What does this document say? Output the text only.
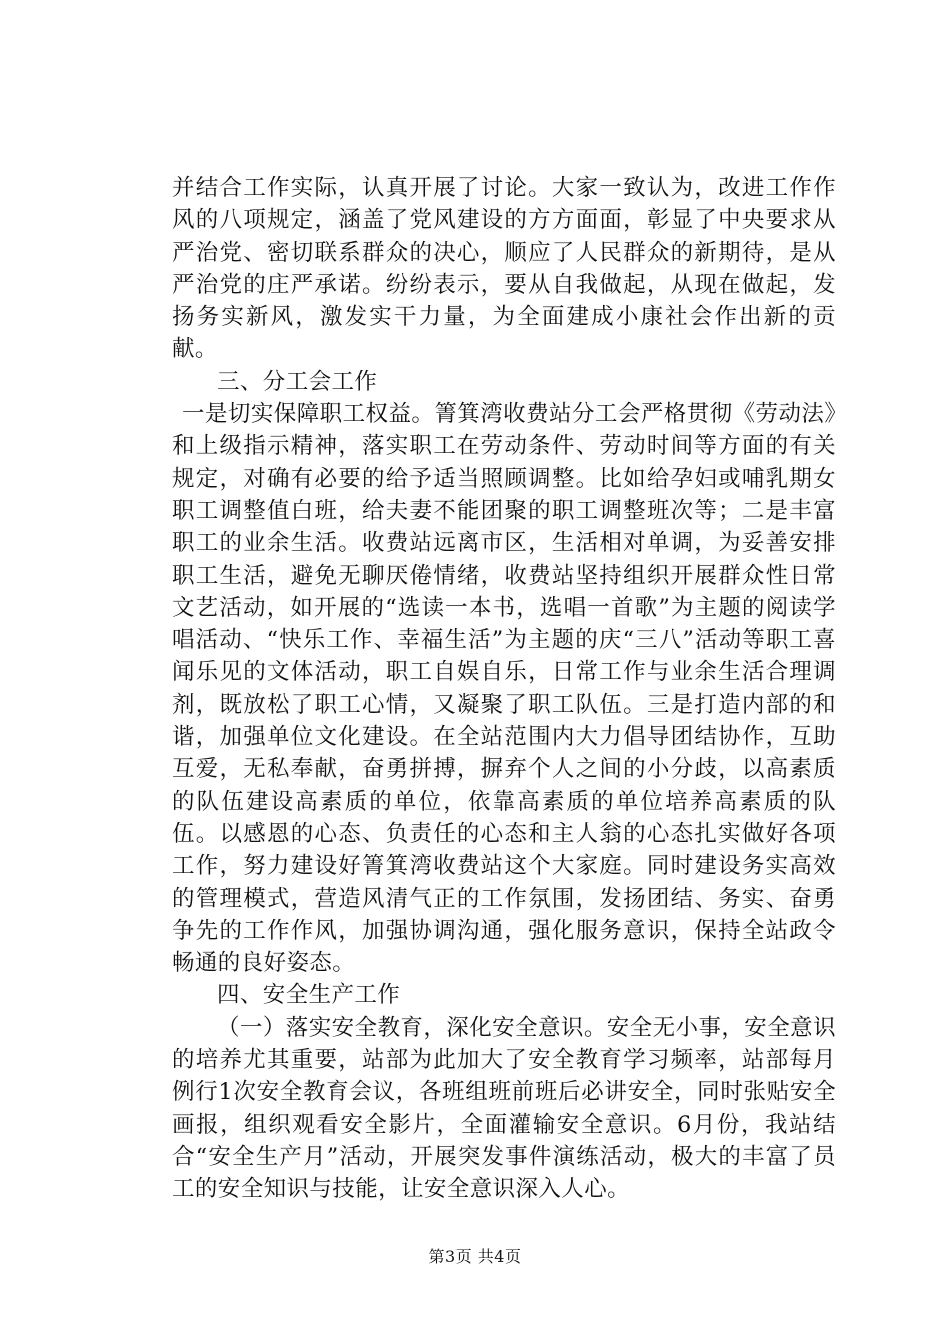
并结合工作实际，认真开展了讨论。大家一致认为，改进工作作风的八项规定，涵盖了党风建设的方方面面，彰显了中央要求从严治党、密切联系群众的决心，顺应了人民群众的新期待，是从严治党的庄严承诺。纷纷表示，要从自我做起，从现在做起，发扬务实新风，激发实干力量，为全面建成小康社会作出新的贡献。

三、分工会工作

一是切实保障职工权益。箐箕湾收费站分工会严格贯彻《劳动法》和上级指示精神，落实职工在劳动条件、劳动时间等方面的有关规定，对确有必要的给予适当照顾调整。比如给孕妇或哺乳期女职工调整值白班，给夫妻不能团聚的职工调整班次等；二是丰富职工的业余生活。收费站远离市区，生活相对单调，为妥善安排职工生活，避免无聊厌倦情绪，收费站坚持组织开展群众性日常文艺活动，如开展的“选读一本书，选唱一首歌”为主题的阅读学唱活动、“快乐工作、幸福生活”为主题的庆“三八”活动等职工喜闻乐见的文体活动，职工自娱自乐，日常工作与业余生活合理调剂，既放松了职工心情，又凝聚了职工队伍。三是打造内部的和谐，加强单位文化建设。在全站范围内大力倡导团结协作，互助互爱，无私奉献，奋勇拼搏，摒弃个人之间的小分歧，以高素质的队伍建设高素质的单位，依靠高素质的单位培养高素质的队伍。以感恩的心态、负责任的心态和主人翁的心态扎实做好各项工作，努力建设好箐箕湾收费站这个大家庭。同时建设务实高效的管理模式，营造风清气正的工作氛围，发扬团结、务实、奋勇争先的工作作风，加强协调沟通，强化服务意识，保持全站政令畅通的良好姿态。

四、安全生产工作

（一）落实安全教育，深化安全意识。安全无小事，安全意识的培养尤其重要，站部为此加大了安全教育学习频率，站部每月例行1次安全教育会议，各班组班前班后必讲安全，同时张贴安全画报，组织观看安全影片，全面灌输安全意识。6月份，我站结合“安全生产月”活动，开展突发事件演练活动，极大的丰富了员工的安全知识与技能，让安全意识深入人心。

第3页 共4页
